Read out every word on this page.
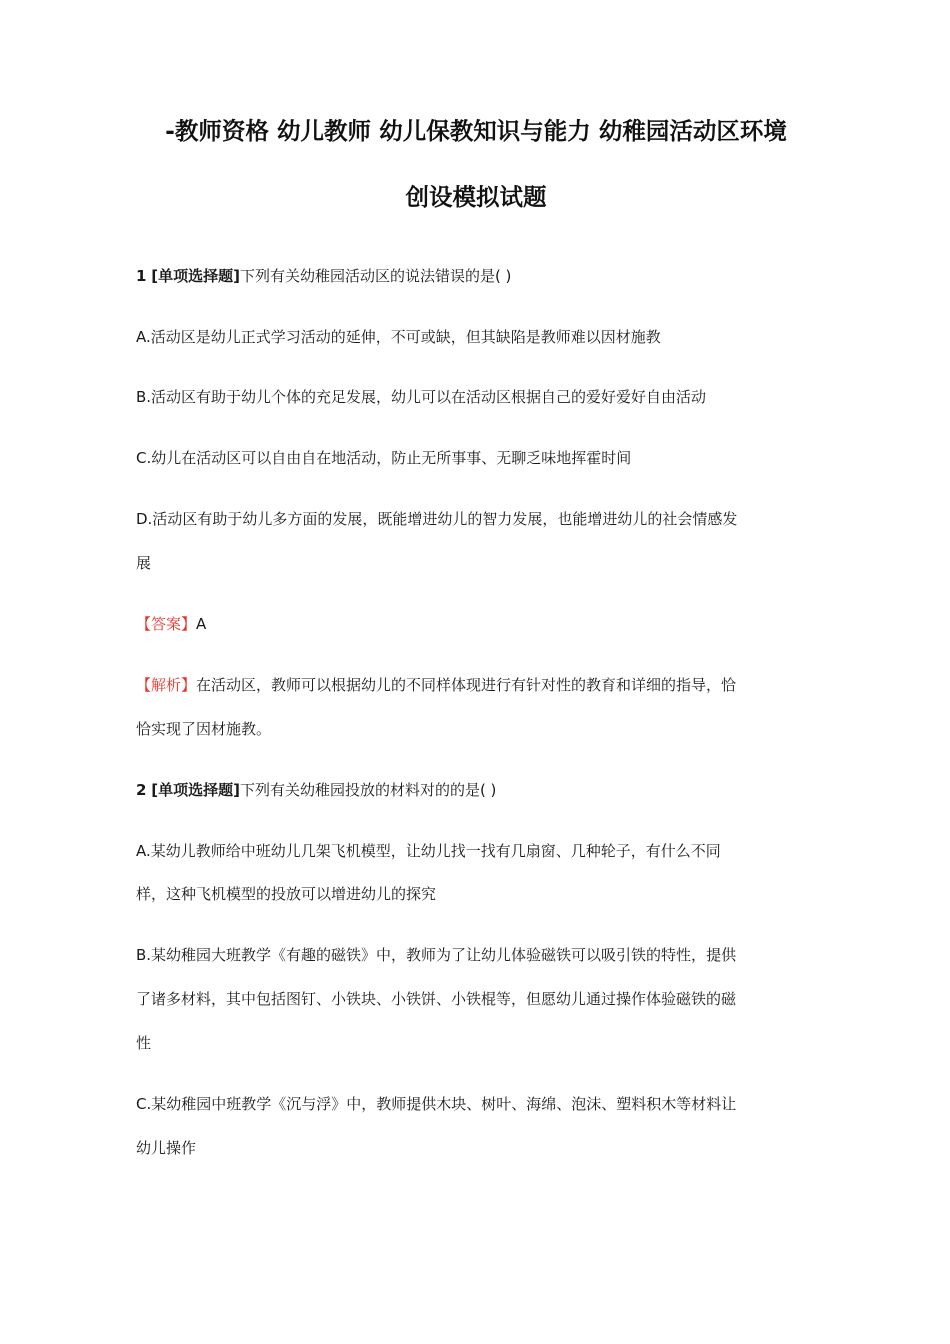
-教师资格 幼儿教师 幼儿保教知识与能力 幼稚园活动区环境
创设模拟试题
1 [单项选择题]下列有关幼稚园活动区的说法错误的是( )
A.活动区是幼儿正式学习活动的延伸，不可或缺，但其缺陷是教师难以因材施教
B.活动区有助于幼儿个体的充足发展，幼儿可以在活动区根据自己的爱好爱好自由活动
C.幼儿在活动区可以自由自在地活动，防止无所事事、无聊乏味地挥霍时间
D.活动区有助于幼儿多方面的发展，既能增进幼儿的智力发展，也能增进幼儿的社会情感发
展
【答案】A
【解析】在活动区，教师可以根据幼儿的不同样体现进行有针对性的教育和详细的指导，恰
恰实现了因材施教。
2 [单项选择题]下列有关幼稚园投放的材料对的的是( )
A.某幼儿教师给中班幼儿几架飞机模型，让幼儿找一找有几扇窗、几种轮子，有什么不同
样，这种飞机模型的投放可以增进幼儿的探究
B.某幼稚园大班教学《有趣的磁铁》中，教师为了让幼儿体验磁铁可以吸引铁的特性，提供
了诸多材料，其中包括图钉、小铁块、小铁饼、小铁棍等，但愿幼儿通过操作体验磁铁的磁
性
C.某幼稚园中班教学《沉与浮》中，教师提供木块、树叶、海绵、泡沫、塑料积木等材料让
幼儿操作
